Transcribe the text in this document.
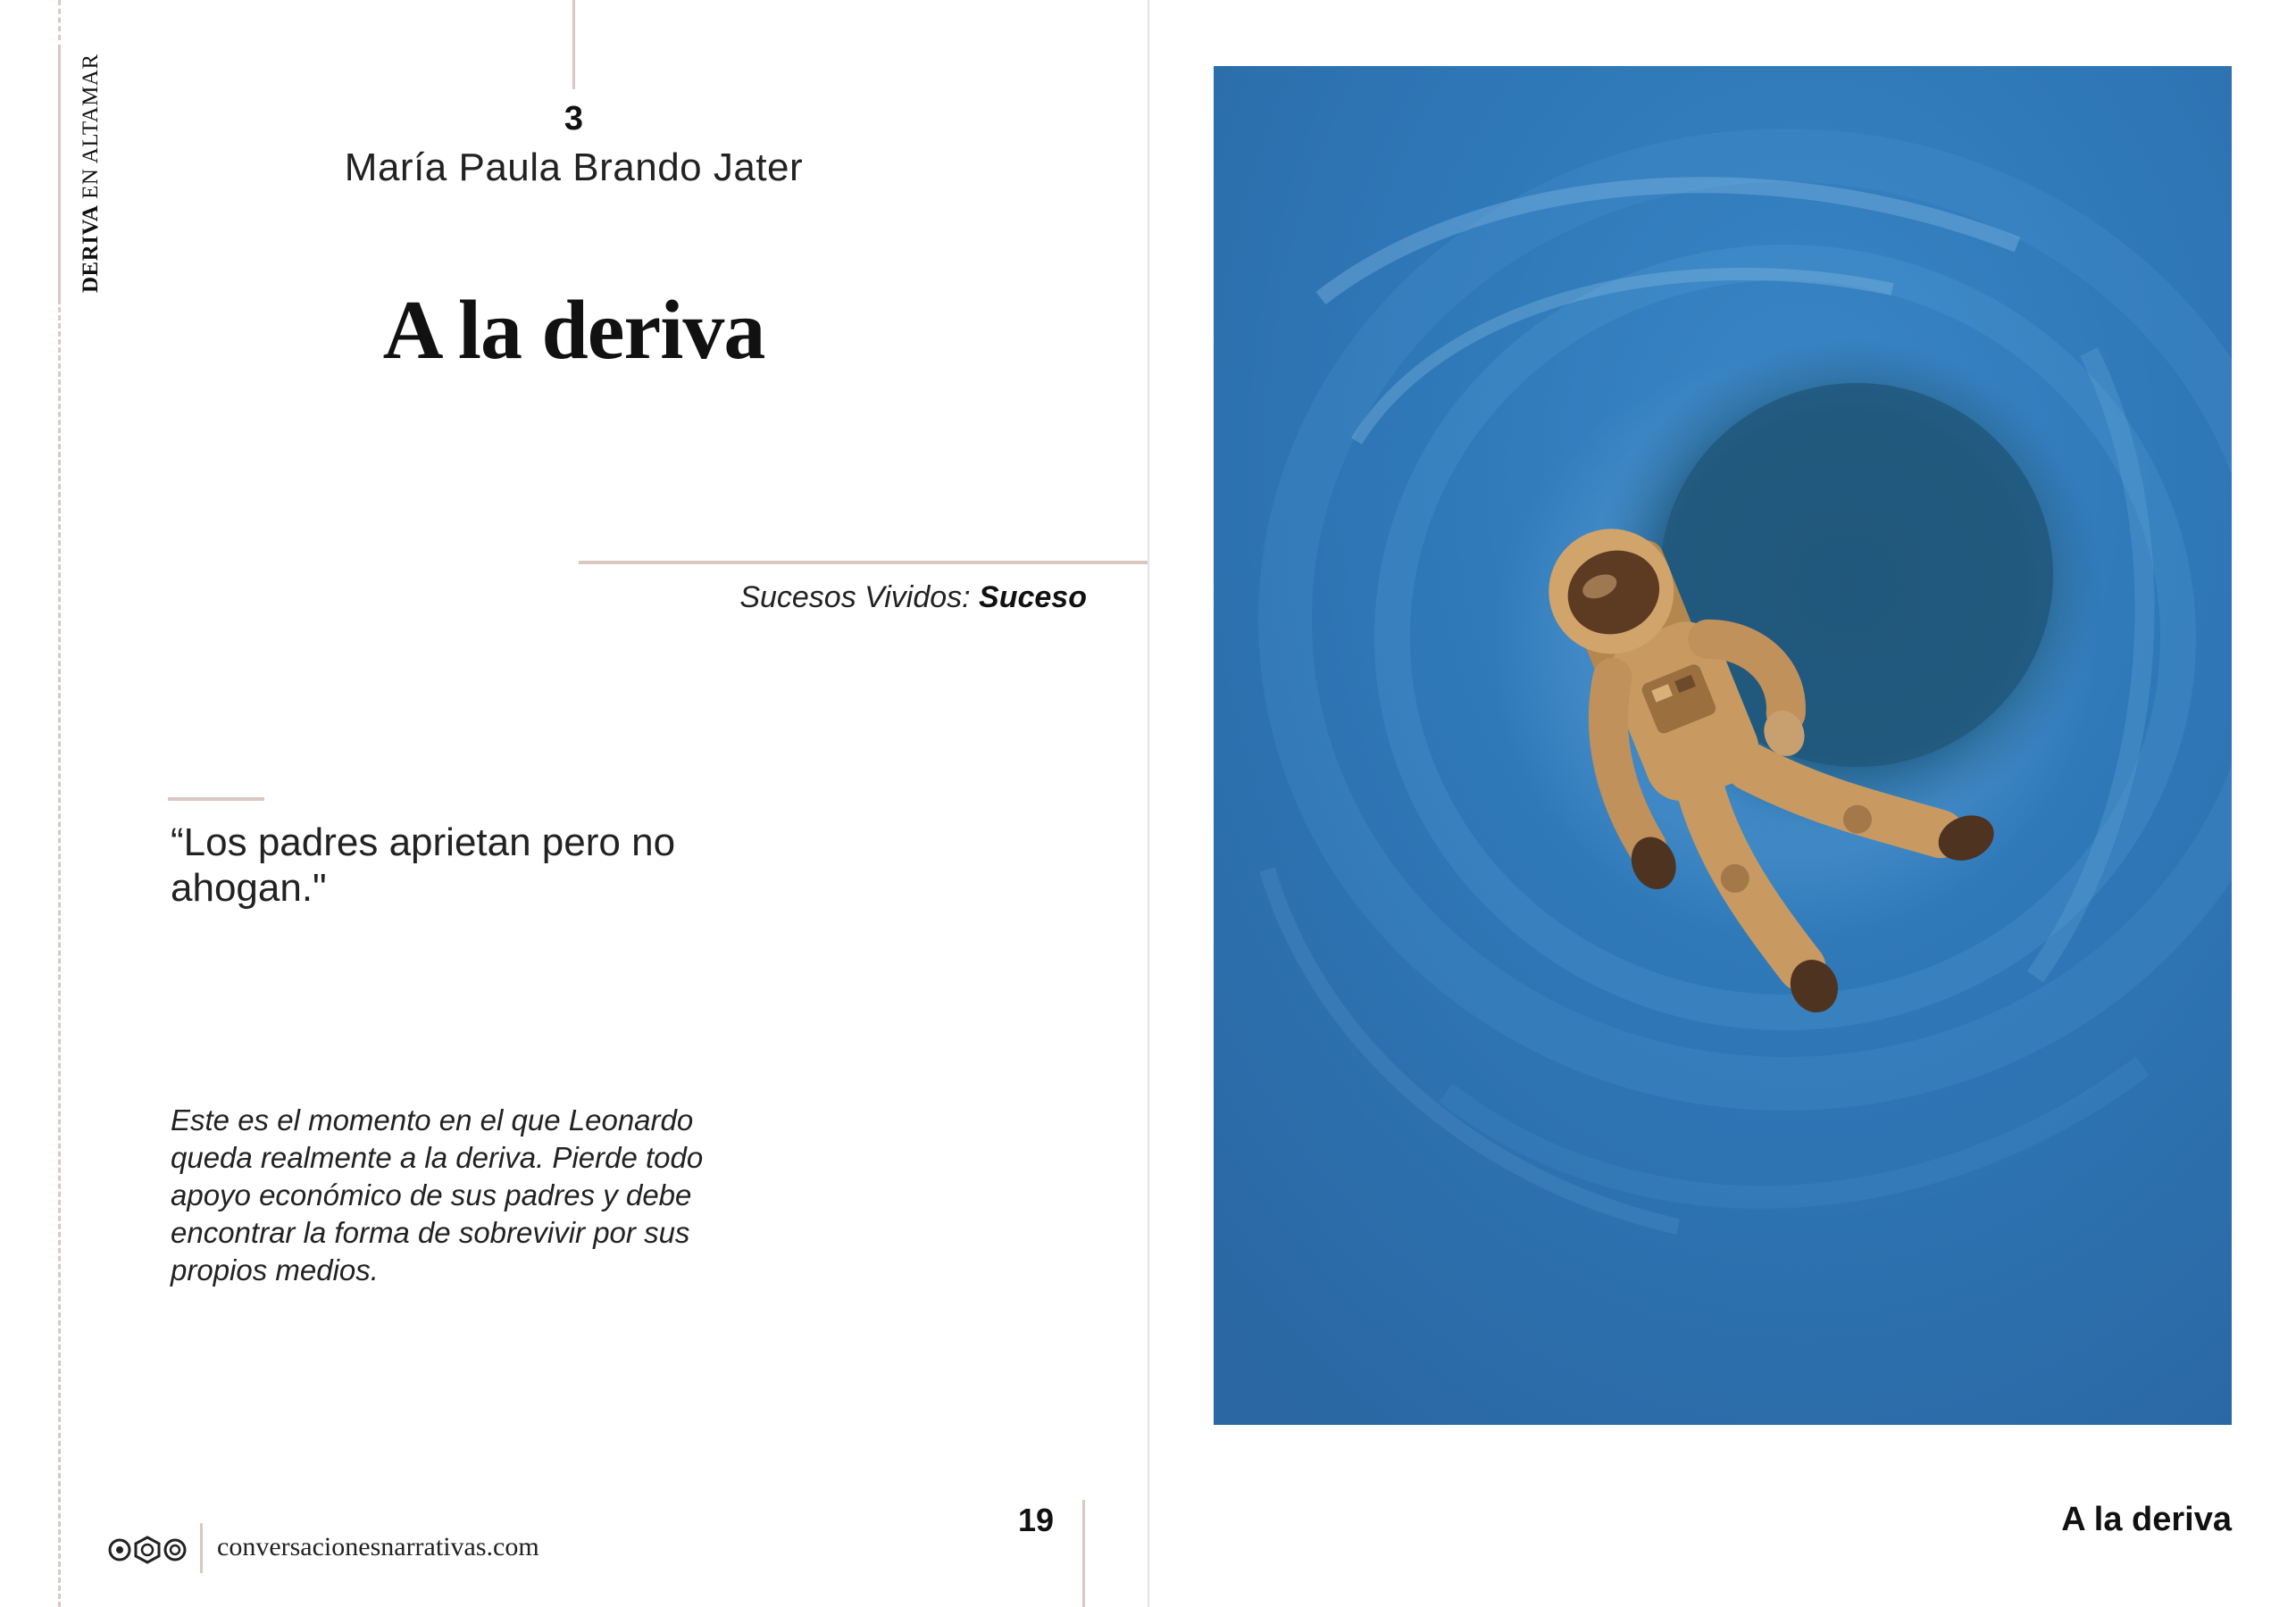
DERIVA EN ALTAMAR	3
María Paula Brando Jater
A la deriva
Sucesos Vividos: Suceso
“Los padres aprietan pero no ahogan."
Este es el momento en el que Leonardo queda realmente a la deriva. Pierde todo apoyo económico de sus padres y debe encontrar la forma de sobrevivir por sus propios medios.
conversacionesnarrativas.com
19	A la deriva
